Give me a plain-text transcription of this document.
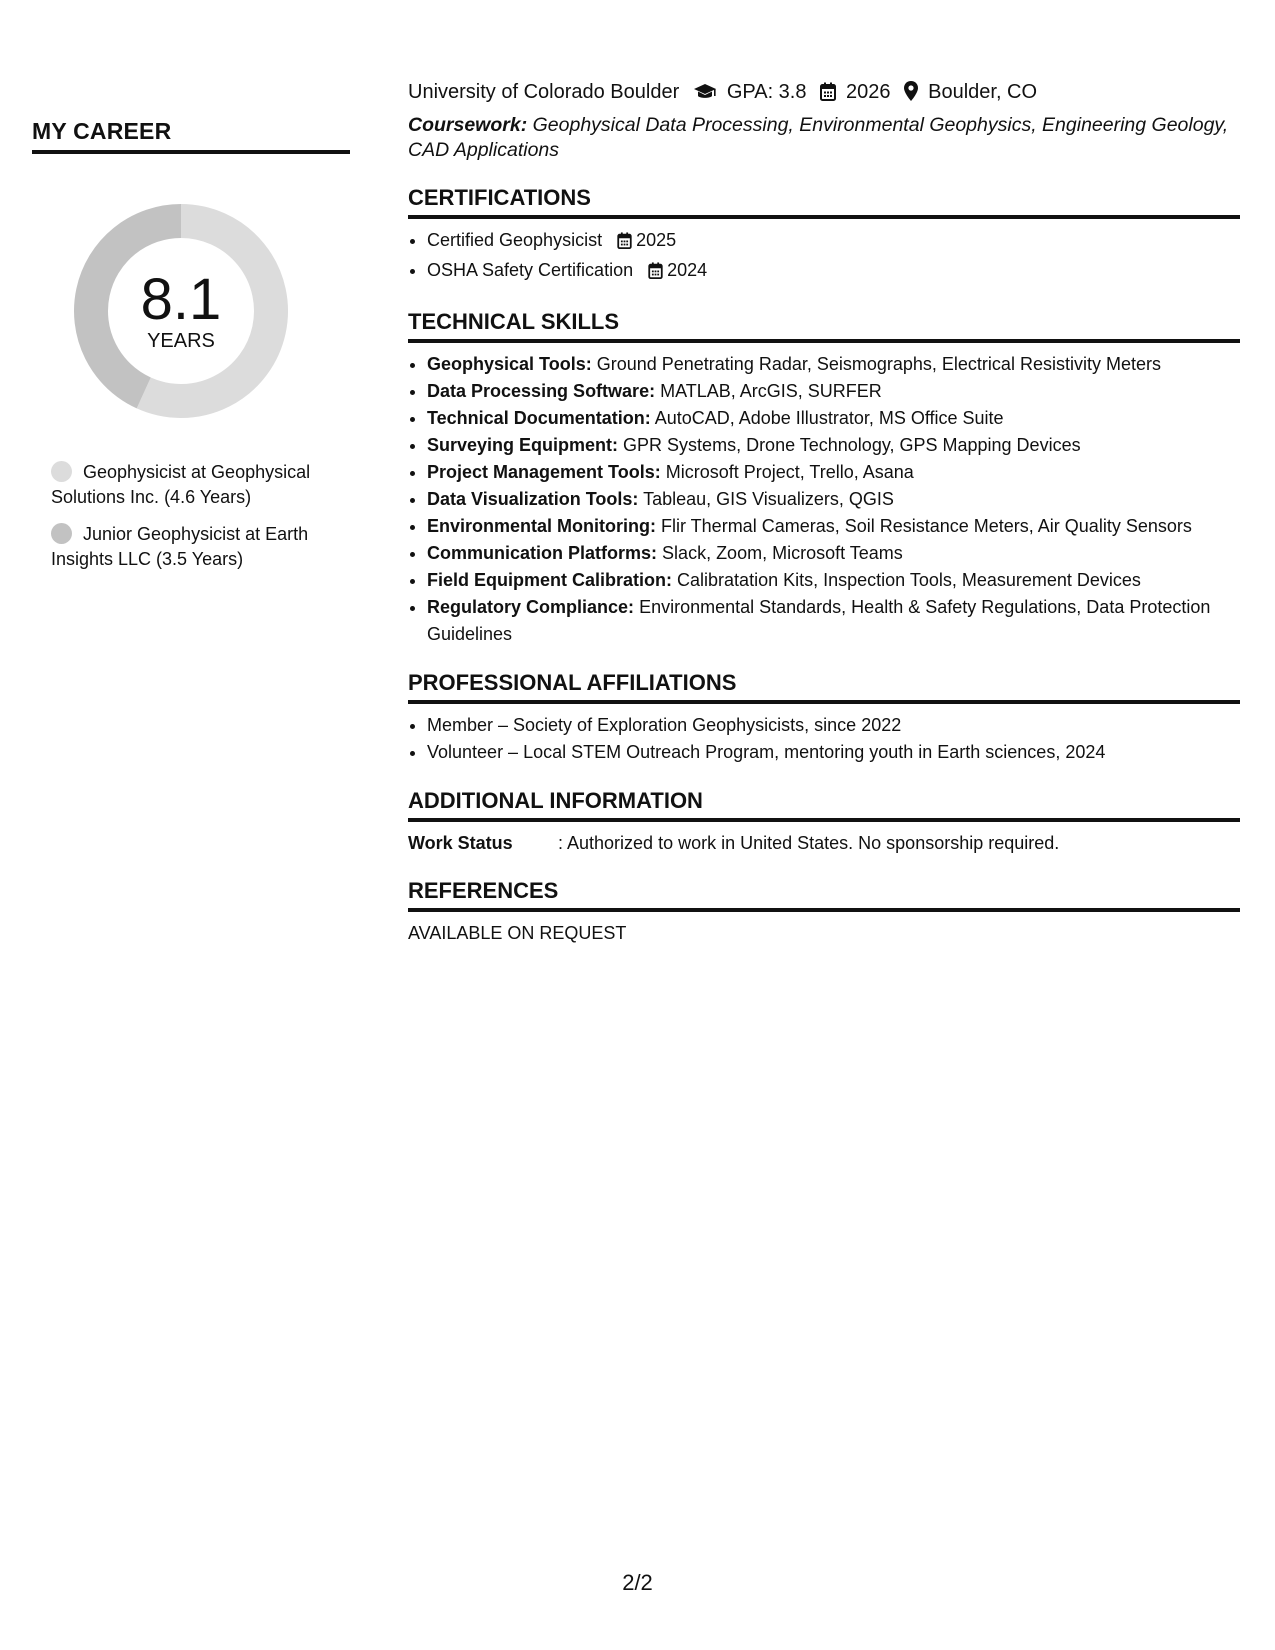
MY CAREER
8.1
YEARS
Geophysicist at Geophysical Solutions Inc. (4.6 Years)
Junior Geophysicist at Earth Insights LLC (3.5 Years)
University of Colorado Boulder GPA: 3.8 2026 Boulder, CO
Coursework: Geophysical Data Processing, Environmental Geophysics, Engineering Geology, CAD Applications
CERTIFICATIONS
• Certified Geophysicist 2025
• OSHA Safety Certification 2024
TECHNICAL SKILLS
• Geophysical Tools: Ground Penetrating Radar, Seismographs, Electrical Resistivity Meters
• Data Processing Software: MATLAB, ArcGIS, SURFER
• Technical Documentation: AutoCAD, Adobe Illustrator, MS Office Suite
• Surveying Equipment: GPR Systems, Drone Technology, GPS Mapping Devices
• Project Management Tools: Microsoft Project, Trello, Asana
• Data Visualization Tools: Tableau, GIS Visualizers, QGIS
• Environmental Monitoring: Flir Thermal Cameras, Soil Resistance Meters, Air Quality Sensors
• Communication Platforms: Slack, Zoom, Microsoft Teams
• Field Equipment Calibration: Calibratation Kits, Inspection Tools, Measurement Devices
• Regulatory Compliance: Environmental Standards, Health & Safety Regulations, Data Protection Guidelines
PROFESSIONAL AFFILIATIONS
• Member – Society of Exploration Geophysicists, since 2022
• Volunteer – Local STEM Outreach Program, mentoring youth in Earth sciences, 2024
ADDITIONAL INFORMATION
Work Status	: Authorized to work in United States. No sponsorship required.
REFERENCES
AVAILABLE ON REQUEST
2/2
